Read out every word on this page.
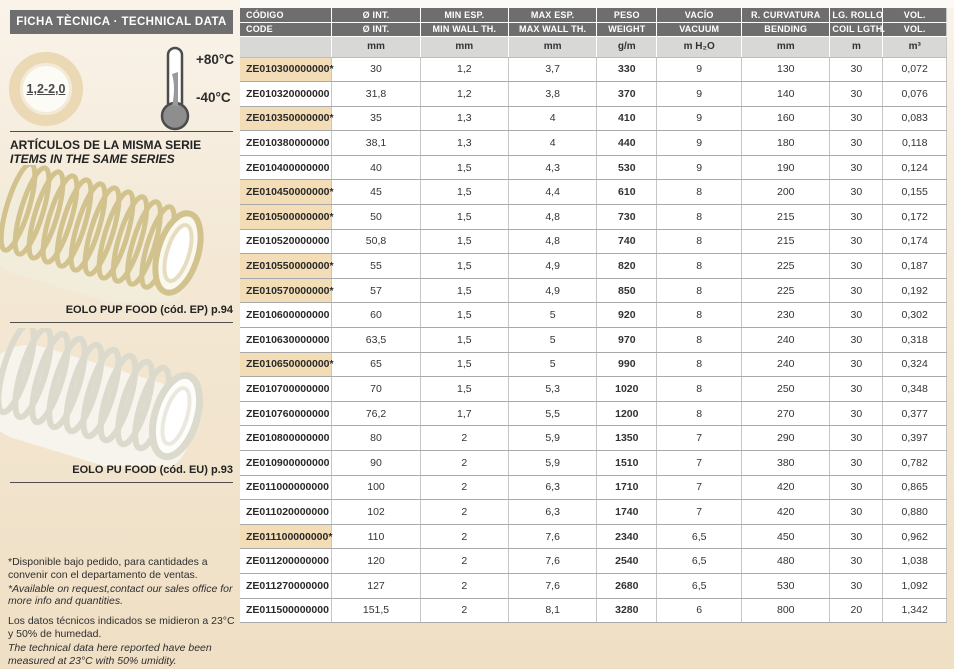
FICHA TÈCNICA · TECHNICAL DATA
1,2-2,0
+80°C
-40°C
ARTÍCULOS DE LA MISMA SERIE
ITEMS IN THE SAME SERIES
EOLO PUP FOOD (cód. EP) p.94
EOLO PU FOOD (cód. EU) p.93
*Disponible bajo pedido, para cantidades a convenir con el departamento de ventas.
*Available on request,contact our sales office for more info and quantities.
Los datos técnicos indicados se midieron a 23°C y 50% de humedad.
The technical data here reported have been measured at 23°C with 50% umidity.
CÓDIGO	Ø INT.	MIN ESP.	MAX ESP.	PESO	VACÍO	R. CURVATURA	LG. ROLLO	VOL.
CODE	Ø INT.	MIN WALL TH.	MAX WALL TH.	WEIGHT	VACUUM	BENDING	COIL LGTH.	VOL.
	mm	mm	mm	g/m	m H₂O	mm	m	m³
ZE010300000000*	30	1,2	3,7	330	9	130	30	0,072
ZE010320000000	31,8	1,2	3,8	370	9	140	30	0,076
ZE010350000000*	35	1,3	4	410	9	160	30	0,083
ZE010380000000	38,1	1,3	4	440	9	180	30	0,118
ZE010400000000	40	1,5	4,3	530	9	190	30	0,124
ZE010450000000*	45	1,5	4,4	610	8	200	30	0,155
ZE010500000000*	50	1,5	4,8	730	8	215	30	0,172
ZE010520000000	50,8	1,5	4,8	740	8	215	30	0,174
ZE010550000000*	55	1,5	4,9	820	8	225	30	0,187
ZE010570000000*	57	1,5	4,9	850	8	225	30	0,192
ZE010600000000	60	1,5	5	920	8	230	30	0,302
ZE010630000000	63,5	1,5	5	970	8	240	30	0,318
ZE010650000000*	65	1,5	5	990	8	240	30	0,324
ZE010700000000	70	1,5	5,3	1020	8	250	30	0,348
ZE010760000000	76,2	1,7	5,5	1200	8	270	30	0,377
ZE010800000000	80	2	5,9	1350	7	290	30	0,397
ZE010900000000	90	2	5,9	1510	7	380	30	0,782
ZE011000000000	100	2	6,3	1710	7	420	30	0,865
ZE011020000000	102	2	6,3	1740	7	420	30	0,880
ZE011100000000*	110	2	7,6	2340	6,5	450	30	0,962
ZE011200000000	120	2	7,6	2540	6,5	480	30	1,038
ZE011270000000	127	2	7,6	2680	6,5	530	30	1,092
ZE011500000000	151,5	2	8,1	3280	6	800	20	1,342
